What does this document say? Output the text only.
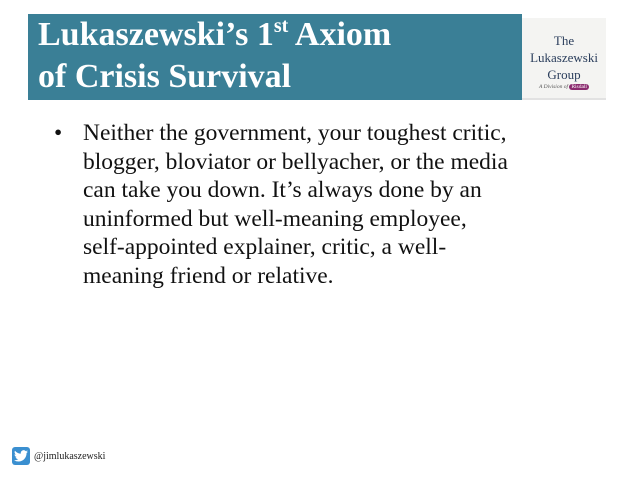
Lukaszewski’s 1st Axiom
of Crisis Survival
The
Lukaszewski
Group
A Division of Risdall
• Neither the government, your toughest critic,
blogger, bloviator or bellyacher, or the media
can take you down. It’s always done by an
uninformed but well-meaning employee,
self-appointed explainer, critic, a well-
meaning friend or relative.
@jimlukaszewski
